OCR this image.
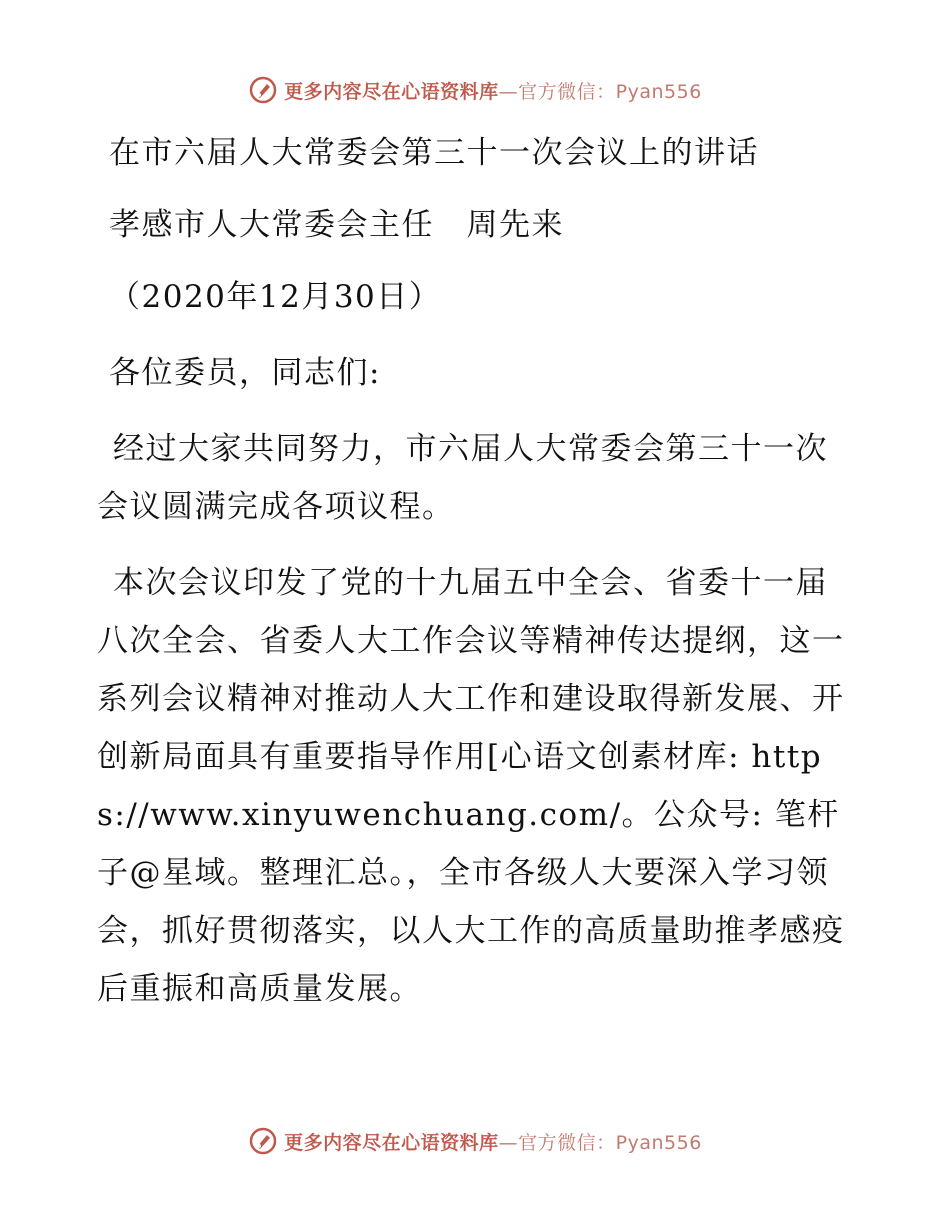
更多内容尽在心语资料库—官方微信：Pyan556

在市六届人大常委会第三十一次会议上的讲话

孝感市人大常委会主任　周先来

（2020年12月30日）

各位委员，同志们:

经过大家共同努力，市六届人大常委会第三十一次会议圆满完成各项议程。

本次会议印发了党的十九届五中全会、省委十一届八次全会、省委人大工作会议等精神传达提纲，这一系列会议精神对推动人大工作和建设取得新发展、开创新局面具有重要指导作用[心语文创素材库: https://www.xinyuwenchuang.com/。公众号: 笔杆子@星域。整理汇总。，全市各级人大要深入学习领会，抓好贯彻落实，以人大工作的高质量助推孝感疫后重振和高质量发展。

更多内容尽在心语资料库—官方微信：Pyan556
